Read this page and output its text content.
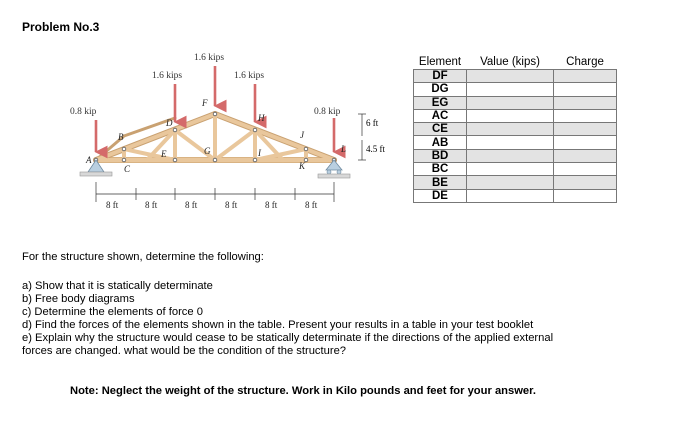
Problem No.3
0.8 kip
1.6 kips
1.6 kips
1.6 kips
0.8 kip
A
B
C
D
E
F
G
H
I
J
K
L
6 ft
4.5 ft
8 ft	8 ft	8 ft	8 ft	8 ft	8 ft
Element	Value (kips)	Charge
DF		
DG		
EG		
AC		
CE		
AB		
BD		
BC		
BE		
DE		
For the structure shown, determine the following:
a) Show that it is statically determinate
b) Free body diagrams
c) Determine the elements of force 0
d) Find the forces of the elements shown in the table. Present your results in a table in your test booklet
e) Explain why the structure would cease to be statically determinate if the directions of the applied external
forces are changed. what would be the condition of the structure?
Note: Neglect the weight of the structure. Work in Kilo pounds and feet for your answer.
